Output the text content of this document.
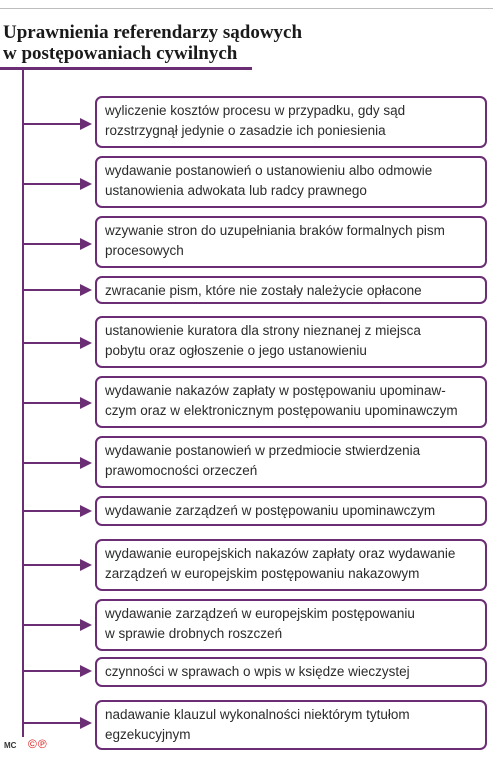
Uprawnienia referendarzy sądowych
w postępowaniach cywilnych
wyliczenie kosztów procesu w przypadku, gdy sąd
rozstrzygnął jedynie o zasadzie ich poniesienia
wydawanie postanowień o ustanowieniu albo odmowie
ustanowienia adwokata lub radcy prawnego
wzywanie stron do uzupełniania braków formalnych pism
procesowych
zwracanie pism, które nie zostały należycie opłacone
ustanowienie kuratora dla strony nieznanej z miejsca
pobytu oraz ogłoszenie o jego ustanowieniu
wydawanie nakazów zapłaty w postępowaniu upominaw-
czym oraz w elektronicznym postępowaniu upominawczym
wydawanie postanowień w przedmiocie stwierdzenia
prawomocności orzeczeń
wydawanie zarządzeń w postępowaniu upominawczym
wydawanie europejskich nakazów zapłaty oraz wydawanie
zarządzeń w europejskim postępowaniu nakazowym
wydawanie zarządzeń w europejskim postępowaniu
w sprawie drobnych roszczeń
czynności w sprawach o wpis w księdze wieczystej
nadawanie klauzul wykonalności niektórym tytułom
egzekucyjnym
MC ©℗
